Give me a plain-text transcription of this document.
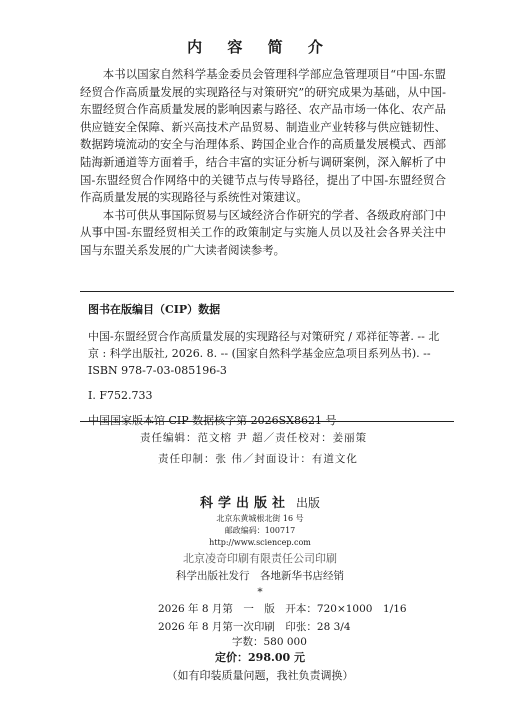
内 容 简 介

本书以国家自然科学基金委员会管理科学部应急管理项目“中国-东盟经贸合作高质量发展的实现路径与对策研究”的研究成果为基础，从中国-东盟经贸合作高质量发展的影响因素与路径、农产品市场一体化、农产品供应链安全保障、新兴高技术产品贸易、制造业产业转移与供应链韧性、数据跨境流动的安全与治理体系、跨国企业合作的高质量发展模式、西部陆海新通道等方面着手，结合丰富的实证分析与调研案例，深入解析了中国-东盟经贸合作网络中的关键节点与传导路径，提出了中国-东盟经贸合作高质量发展的实现路径与系统性对策建议。

本书可供从事国际贸易与区域经济合作研究的学者、各级政府部门中从事中国-东盟经贸相关工作的政策制定与实施人员以及社会各界关注中国与东盟关系发展的广大读者阅读参考。

图书在版编目（CIP）数据

中国-东盟经贸合作高质量发展的实现路径与对策研究 / 邓祥征等著. -- 北京 : 科学出版社, 2026. 8. -- (国家自然科学基金应急项目系列丛书). -- ISBN 978-7-03-085196-3

Ⅰ. F752.733

中国国家版本馆 CIP 数据核字第 2026SX8621 号

责任编辑：范文榕 尹 超／责任校对：姜丽策
责任印制：张 伟／封面设计：有道文化
科学出版社 出版
北京东黄城根北街 16 号
邮政编码：100717
http://www.sciencep.com
北京凌奇印刷有限责任公司印刷
科学出版社发行　各地新华书店经销
*
2026 年 8 月第　一　版　开本：720×1000　1/16
2026 年 8 月第一次印刷　印张：28 3/4
字数：580 000
定价：298.00 元
（如有印装质量问题，我社负责调换）
